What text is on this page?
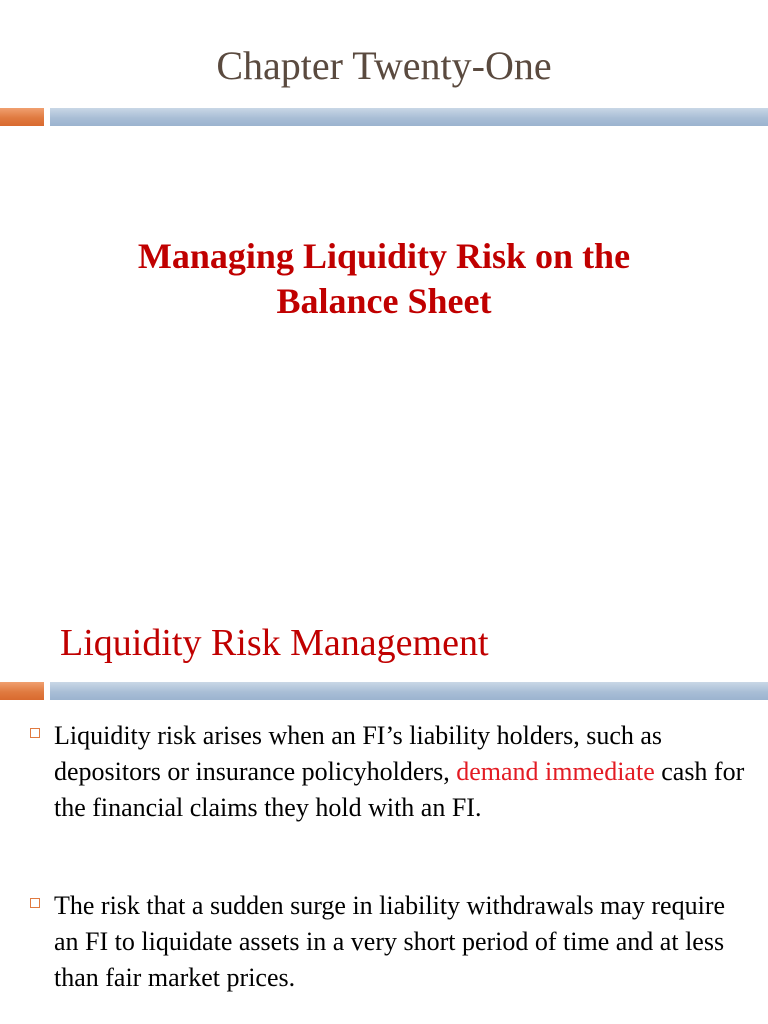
Chapter Twenty-One
Managing Liquidity Risk on the
Balance Sheet
Liquidity Risk Management
Liquidity risk arises when an FI’s liability holders, such as depositors or insurance policyholders, demand immediate cash for the financial claims they hold with an FI.
The risk that a sudden surge in liability withdrawals may require an FI to liquidate assets in a very short period of time and at less than fair market prices.
